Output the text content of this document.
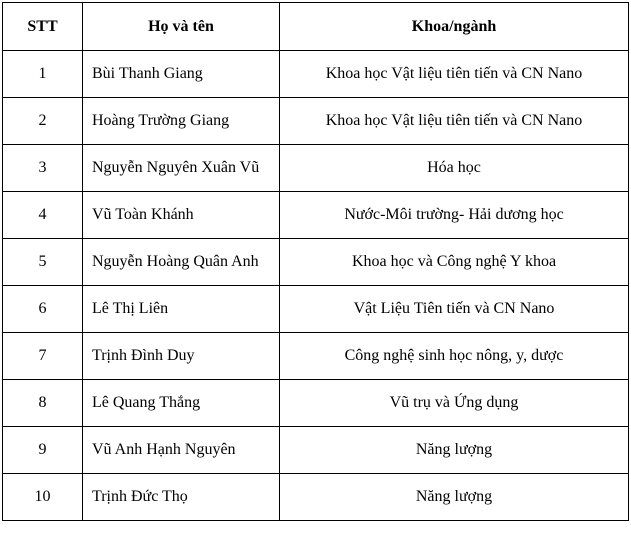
STT	Họ và tên	Khoa/ngành
1	Bùi Thanh Giang	Khoa học Vật liệu tiên tiến và CN Nano
2	Hoàng Trường Giang	Khoa học Vật liệu tiên tiến và CN Nano
3	Nguyễn Nguyên Xuân Vũ	Hóa học
4	Vũ Toàn Khánh	Nước-Môi trường- Hải dương học
5	Nguyễn Hoàng Quân Anh	Khoa học và Công nghệ Y khoa
6	Lê Thị Liên	Vật Liệu Tiên tiến và CN Nano
7	Trịnh Đình Duy	Công nghệ sinh học nông, y, dược
8	Lê Quang Thắng	Vũ trụ và Ứng dụng
9	Vũ Anh Hạnh Nguyên	Năng lượng
10	Trịnh Đức Thọ	Năng lượng
